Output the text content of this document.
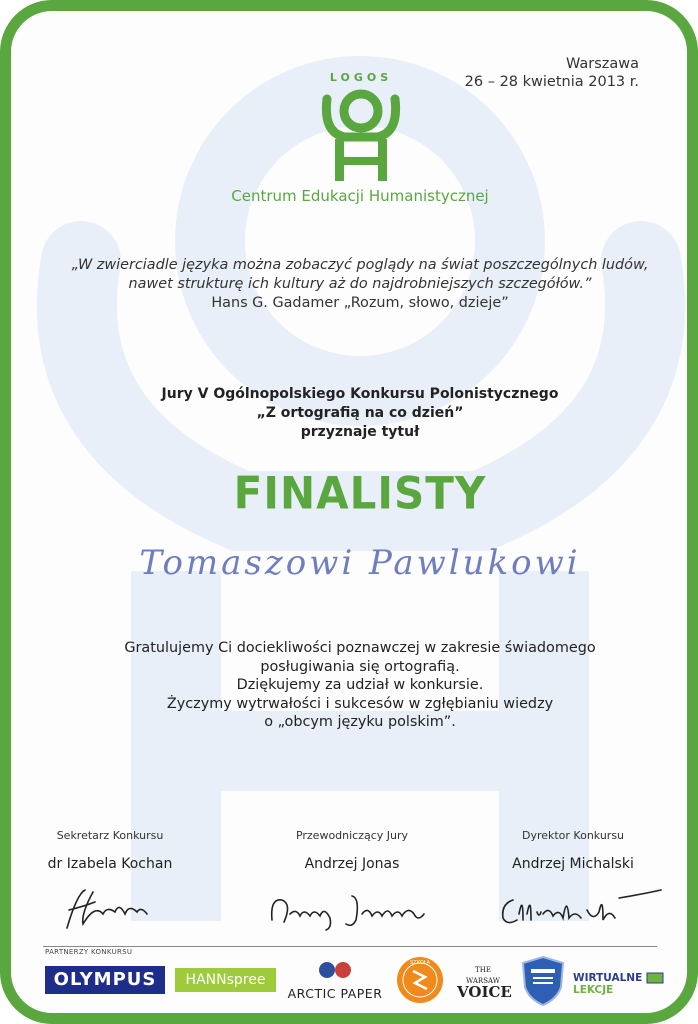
Warszawa
26 – 28 kwietnia 2013 r.
LOGOS
Centrum Edukacji Humanistycznej
„W zwierciadle języka można zobaczyć poglądy na świat poszczególnych ludów,
nawet strukturę ich kultury aż do najdrobniejszych szczegółów.”
Hans G. Gadamer „Rozum, słowo, dzieje”
Jury V Ogólnopolskiego Konkursu Polonistycznego
„Z ortografią na co dzień”
przyznaje tytuł
FINALISTY
Tomaszowi Pawlukowi
Gratulujemy Ci dociekliwości poznawczej w zakresie świadomego
posługiwania się ortografią.
Dziękujemy za udział w konkursie.
Życzymy wytrwałości i sukcesów w zgłębianiu wiedzy
o „obcym języku polskim”.
Sekretarz Konkursu
dr Izabela Kochan
Przewodniczący Jury
Andrzej Jonas
Dyrektor Konkursu
Andrzej Michalski
PARTNERZY KONKURSU
OLYMPUS	HANNspree
ARCTIC PAPER
SZKOŁA
THE WARSAW
VOICE
WIRTUALNE  LEKCJE
